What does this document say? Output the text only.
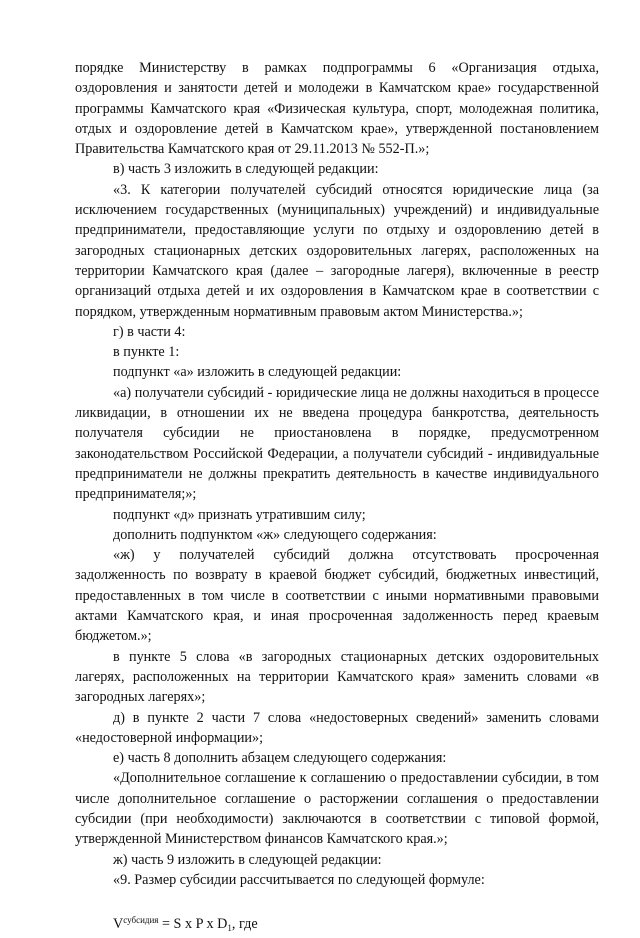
порядке Министерству в рамках подпрограммы 6 «Организация отдыха, оздоровления и занятости детей и молодежи в Камчатском крае» государственной программы Камчатского края «Физическая культура, спорт, молодежная политика, отдых и оздоровление детей в Камчатском крае», утвержденной постановлением Правительства Камчатского края от 29.11.2013 № 552-П.»;

в) часть 3 изложить в следующей редакции:

«3. К категории получателей субсидий относятся юридические лица (за исключением государственных (муниципальных) учреждений) и индивидуальные предприниматели, предоставляющие услуги по отдыху и оздоровлению детей в загородных стационарных детских оздоровительных лагерях, расположенных на территории Камчатского края (далее – загородные лагеря), включенные в реестр организаций отдыха детей и их оздоровления в Камчатском крае в соответствии с порядком, утвержденным нормативным правовым актом Министерства.»;

г) в части 4:

в пункте 1:

подпункт «а» изложить в следующей редакции:

«а) получатели субсидий - юридические лица не должны находиться в процессе ликвидации, в отношении их не введена процедура банкротства, деятельность получателя субсидии не приостановлена в порядке, предусмотренном законодательством Российской Федерации, а получатели субсидий - индивидуальные предприниматели не должны прекратить деятельность в качестве индивидуального предпринимателя;»;

подпункт «д» признать утратившим силу;

дополнить подпунктом «ж» следующего содержания:

«ж) у получателей субсидий должна отсутствовать просроченная задолженность по возврату в краевой бюджет субсидий, бюджетных инвестиций, предоставленных в том числе в соответствии с иными нормативными правовыми актами Камчатского края, и иная просроченная задолженность перед краевым бюджетом.»;

в пункте 5 слова «в загородных стационарных детских оздоровительных лагерях, расположенных на территории Камчатского края» заменить словами «в загородных лагерях»;

д) в пункте 2 части 7 слова «недостоверных сведений» заменить словами «недостоверной информации»;

е) часть 8 дополнить абзацем следующего содержания:

«Дополнительное соглашение к соглашению о предоставлении субсидии, в том числе дополнительное соглашение о расторжении соглашения о предоставлении субсидии (при необходимости) заключаются в соответствии с типовой формой, утвержденной Министерством финансов Камчатского края.»;

ж) часть 9 изложить в следующей редакции:

«9. Размер субсидии рассчитывается по следующей формуле:

$V^{субсидия} = S$ x P x $D_1$, где
